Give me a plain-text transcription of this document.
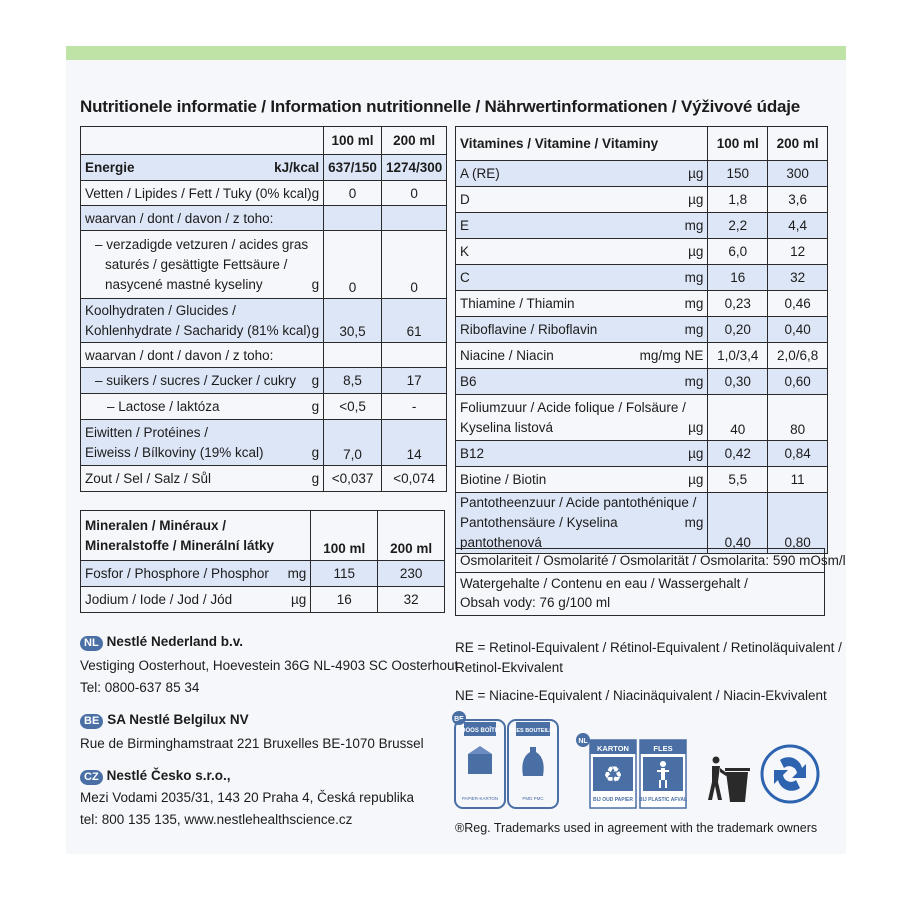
Nutritionele informatie / Information nutritionnelle / Nährwertinformationen / Výživové údaje
	100 ml	200 ml

Energie kJ/kcal	637/150	1274/300

Vetten / Lipides / Fett / Tuky (0% kcal) g	0	0
waarvan / dont / davon / z toho:		

– verzadigde vetzuren / acides gras
saturés / gesättigte Fettsäure /
nasycené mastné kyseliny g	0	0

Koolhydraten / Glucides /
Kohlenhydrate / Sacharidy (81% kcal) g	30,5	61
waarvan / dont / davon / z toho:		

– suikers / sucres / Zucker / cukry g	8,5	17

– Lactose / laktóza g	<0,5	-

Eiwitten / Protéines /
Eiweiss / Bílkoviny (19% kcal) g	7,0	14

Zout / Sel / Salz / Sůl g	<0,037	<0,074
Mineralen / Minéraux /
Mineralstoffe / Minerální látky	100 ml	200 ml

Fosfor / Phosphore / Phosphor mg	115	230

Jodium / Iode / Jod / Jód µg	16	32
Vitamines / Vitamine / Vitaminy	100 ml	200 ml
A (RE) µg	150	300

D µg	1,8	3,6

E mg	2,2	4,4

K µg	6,0	12

C mg	16	32

Thiamine / Thiamin mg	0,23	0,46

Riboflavine / Riboflavin mg	0,20	0,40

Niacine / Niacin mg/mg NE	1,0/3,4	2,0/6,8

B6 mg	0,30	0,60

Foliumzuur / Acide folique / Folsäure /
Kyselina listová µg	40	80

B12 µg	0,42	0,84

Biotine / Biotin µg	5,5	11

Pantotheenzuur / Acide pantothénique /
Pantothensäure / Kyselina pantothenová
mg	0,40	0,80
Osmolariteit / Osmolarité / Osmolarität / Osmolarita: 590 mOsm/l
Watergehalte / Contenu en eau / Wassergehalt /
Obsah vody: 76 g/100 ml
RE = Retinol-Equivalent / Rétinol-Equivalent / Retinoläquivalent /
Retinol-Ekvivalent
NE = Niacine-Equivalent / Niacinäquivalent / Niacin-Ekvivalent
NL Nestlé Nederland b.v.
Vestiging Oosterhout, Hoevestein 36G NL-4903 SC Oosterhout
Tel: 0800-637 85 34
BE SA Nestlé Belgilux NV
Rue de Birminghamstraat 221 Bruxelles BE-1070 Brussel
CZ Nestlé Česko s.r.o.,
Mezi Vodami 2035/31, 143 20 Praha 4, Česká republika
tel: 800 135 135, www.nestlehealthscience.cz
BE
DOOS BOÎTE
PAPIER-KARTON
FLES BOUTEILLE
PMD PMC
NL
KARTON
♻
BIJ OUD PAPIER
FLES
BIJ PLASTIC AFVAL
®Reg. Trademarks used in agreement with the trademark owners
